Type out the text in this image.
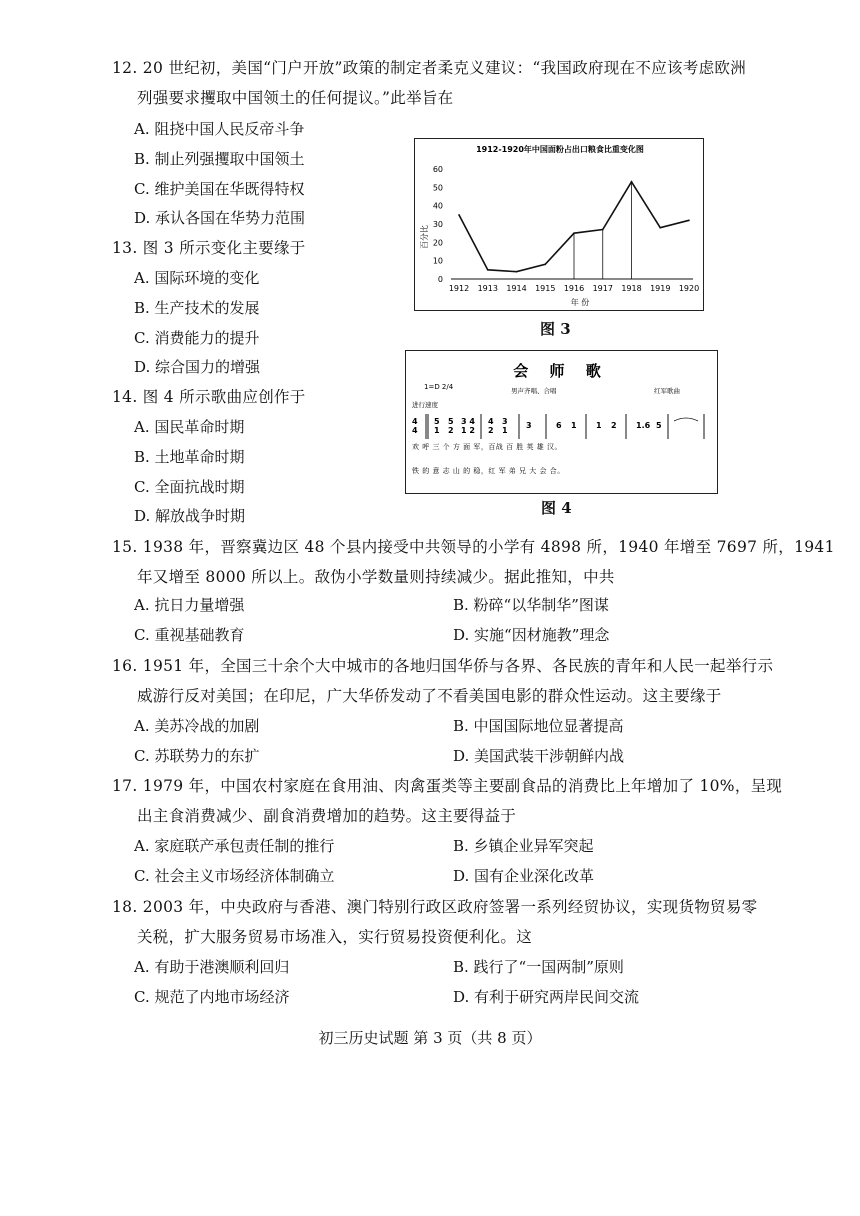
12. 20 世纪初，美国“门户开放”政策的制定者柔克义建议：“我国政府现在不应该考虑欧洲
列强要求攫取中国领土的任何提议。”此举旨在
A. 阻挠中国人民反帝斗争
B. 制止列强攫取中国领土
C. 维护美国在华既得特权
D. 承认各国在华势力范围
13. 图 3 所示变化主要缘于
A. 国际环境的变化
B. 生产技术的发展
C. 消费能力的提升
D. 综合国力的增强
14. 图 4 所示歌曲应创作于
A. 国民革命时期
B. 土地革命时期
C. 全面抗战时期
D. 解放战争时期
1912-1920年中国面粉占出口粮食比重变化图
百分比
年 份
0
10
20
30
40
50
60
1912 1913 1914 1915 1916 1917 1918 1919 1920
图 3
会 师 歌
1=D 2/4	男声齐唱、合唱	红军歌曲
进行速度
4
4
5 5 3 4
1 2 1 2
4 3
2 1
3	6 1 1 2 1.6 5
欢 呼 三 个 方 面 军，百战 百 胜 英 雄 汉。
铁 的 意 志 山 的 稳，红 军 弟 兄 大 会 合。
图 4
15. 1938 年，晋察冀边区 48 个县内接受中共领导的小学有 4898 所，1940 年增至 7697 所，1941
年又增至 8000 所以上。敌伪小学数量则持续减少。据此推知，中共
A. 抗日力量增强	B. 粉碎“以华制华”图谋
C. 重视基础教育	D. 实施“因材施教”理念
16. 1951 年，全国三十余个大中城市的各地归国华侨与各界、各民族的青年和人民一起举行示
威游行反对美国；在印尼，广大华侨发动了不看美国电影的群众性运动。这主要缘于
A. 美苏冷战的加剧	B. 中国国际地位显著提高
C. 苏联势力的东扩	D. 美国武装干涉朝鲜内战
17. 1979 年，中国农村家庭在食用油、肉禽蛋类等主要副食品的消费比上年增加了 10%，呈现
出主食消费减少、副食消费增加的趋势。这主要得益于
A. 家庭联产承包责任制的推行	B. 乡镇企业异军突起
C. 社会主义市场经济体制确立	D. 国有企业深化改革
18. 2003 年，中央政府与香港、澳门特别行政区政府签署一系列经贸协议，实现货物贸易零
关税，扩大服务贸易市场准入，实行贸易投资便利化。这
A. 有助于港澳顺利回归	B. 践行了“一国两制”原则
C. 规范了内地市场经济	D. 有利于研究两岸民间交流
初三历史试题 第 3 页（共 8 页）
